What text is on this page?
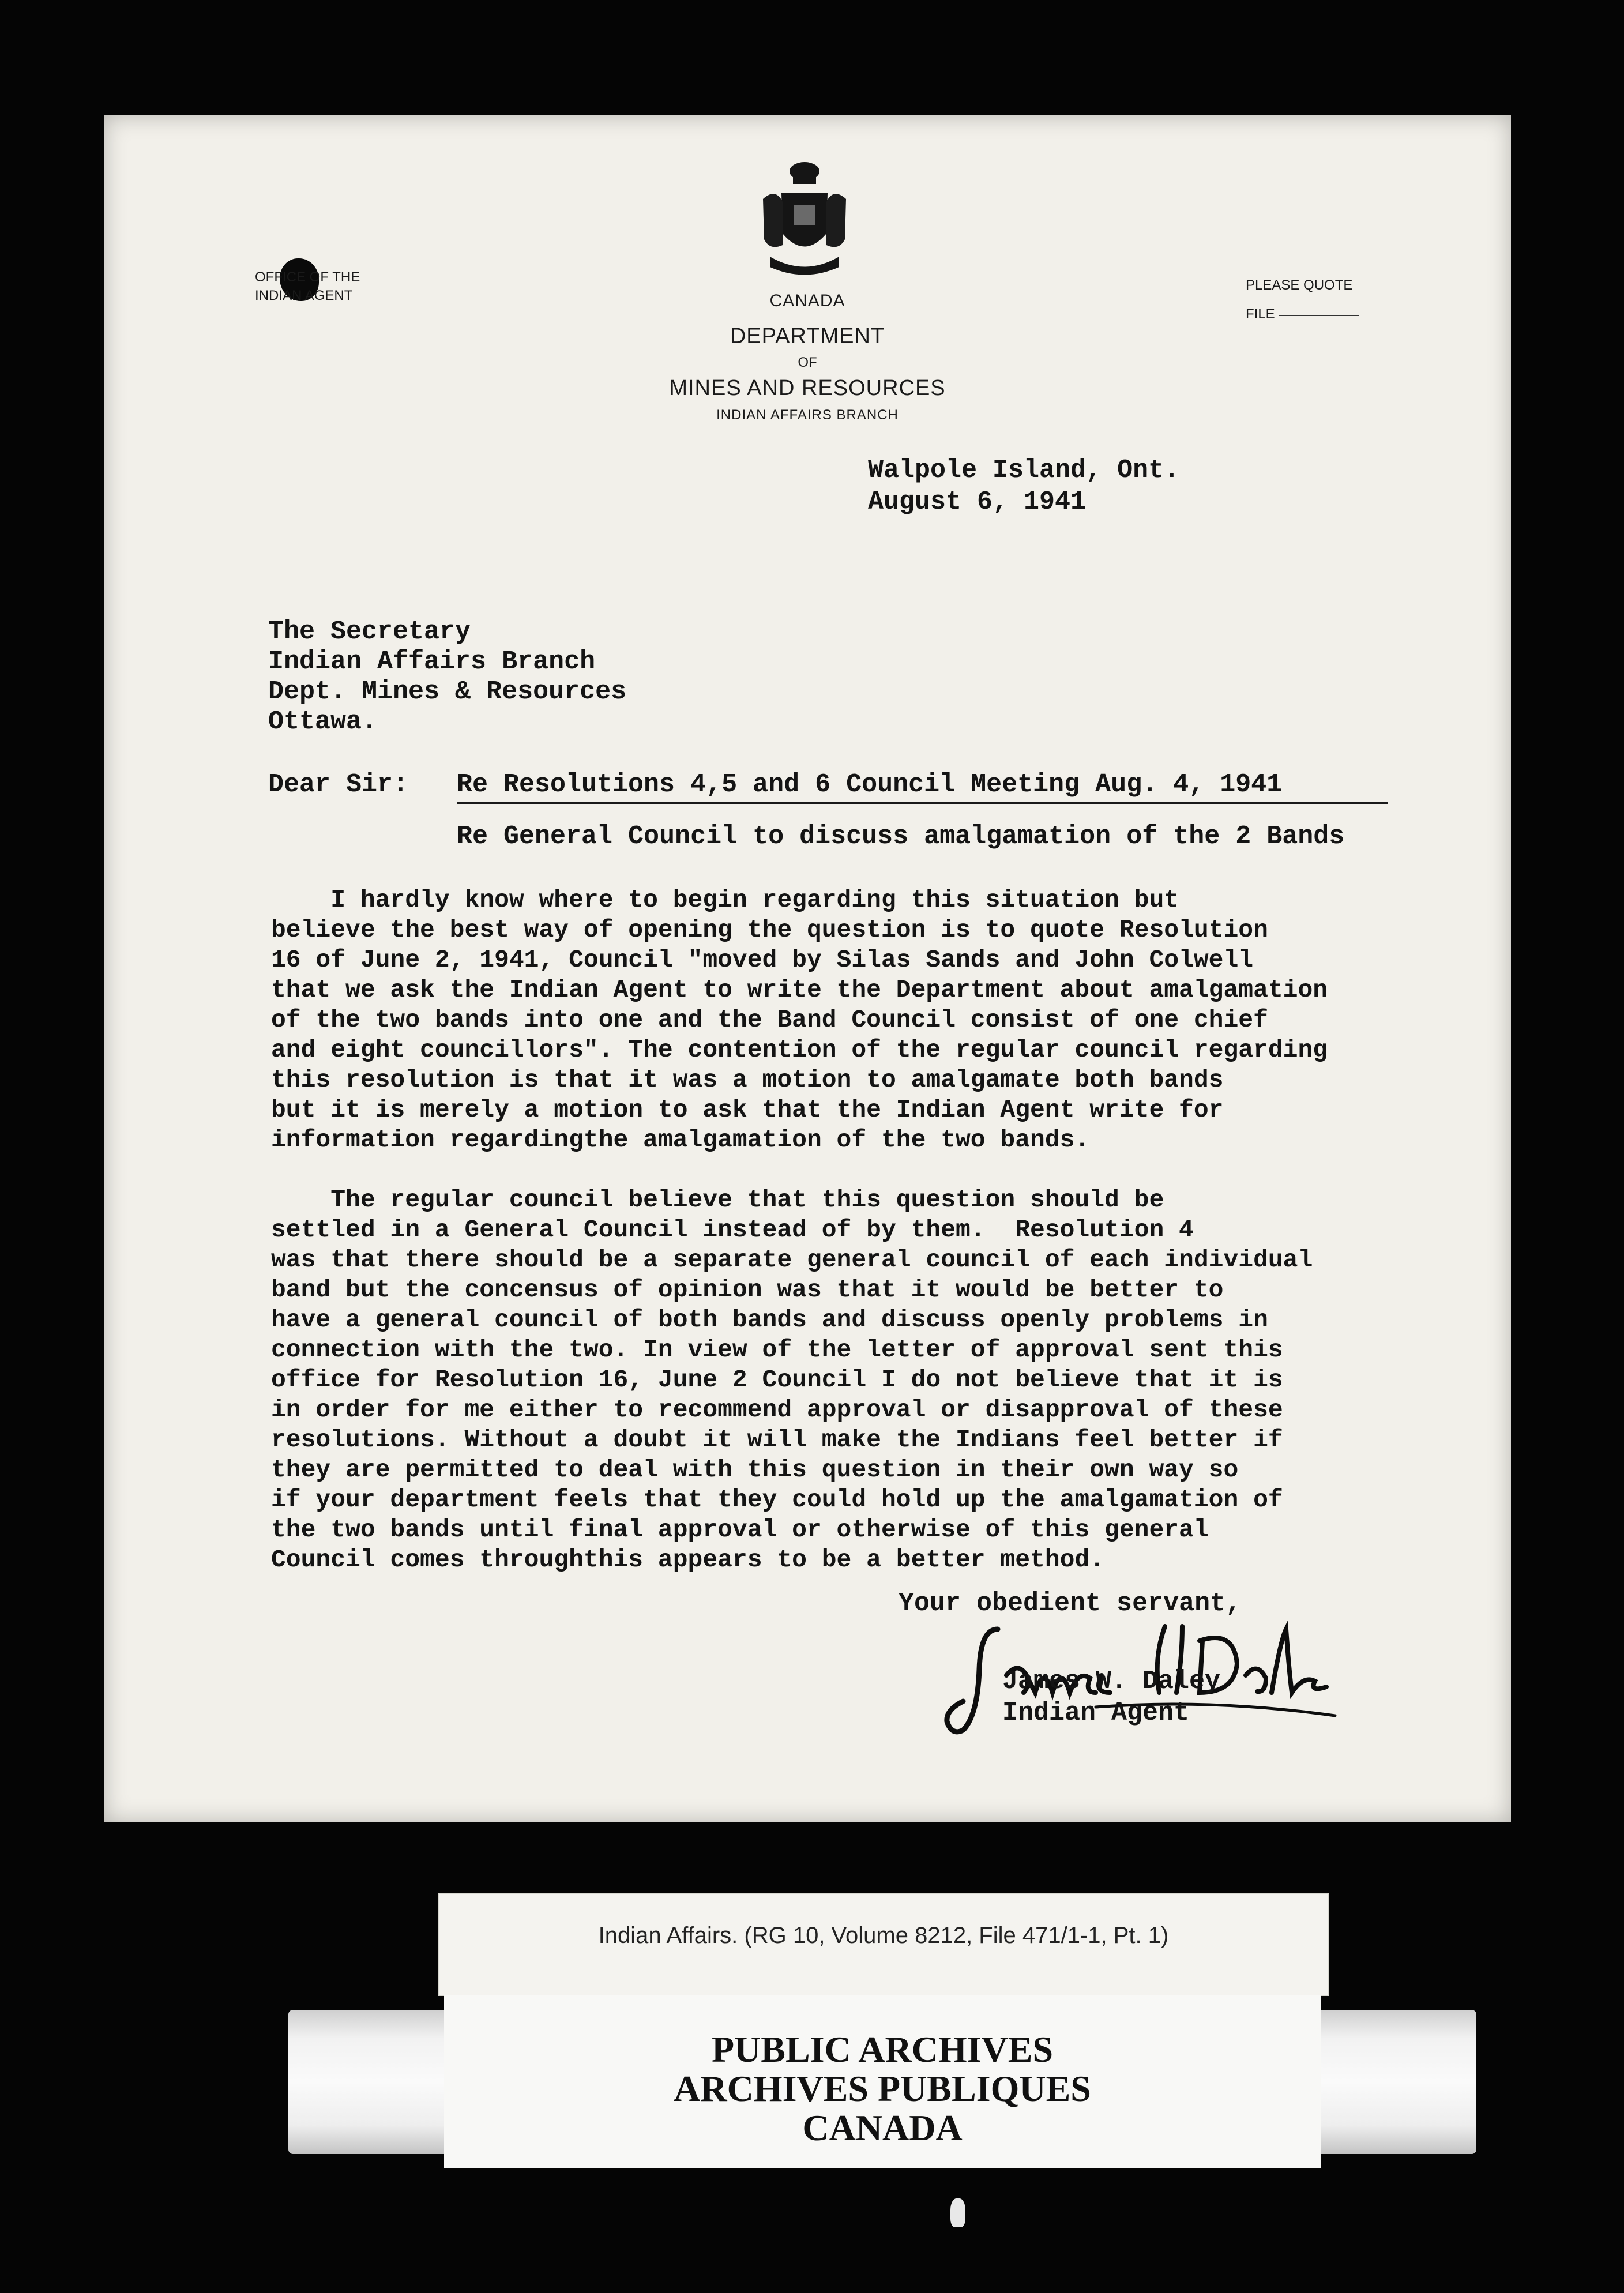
OFFICE OF THE
INDIAN AGENT	CANADA
DEPARTMENT
OF
MINES AND RESOURCES
INDIAN AFFAIRS BRANCH
PLEASE QUOTE
FILE
Walpole Island, Ont.
August 6, 1941
The Secretary
Indian Affairs Branch
Dept. Mines & Resources
Ottawa.
Dear Sir: Re Resolutions 4,5 and 6 Council Meeting Aug. 4, 1941
Re General Council to discuss amalgamation of the 2 Bands
I hardly know where to begin regarding this situation but
believe the best way of opening the question is to quote Resolution
16 of June 2, 1941, Council "moved by Silas Sands and John Colwell
that we ask the Indian Agent to write the Department about amalgamation
of the two bands into one and the Band Council consist of one chief
and eight councillors". The contention of the regular council regarding
this resolution is that it was a motion to amalgamate both bands
but it is merely a motion to ask that the Indian Agent write for
information regardingthe amalgamation of the two bands.
The regular council believe that this question should be
settled in a General Council instead of by them.  Resolution 4
was that there should be a separate general council of each individual
band but the concensus of opinion was that it would be better to
have a general council of both bands and discuss openly problems in
connection with the two. In view of the letter of approval sent this
office for Resolution 16, June 2 Council I do not believe that it is
in order for me either to recommend approval or disapproval of these
resolutions. Without a doubt it will make the Indians feel better if
they are permitted to deal with this question in their own way so
if your department feels that they could hold up the amalgamation of
the two bands until final approval or otherwise of this general
Council comes throughthis appears to be a better method.
Your obedient servant,
James W. Daley
Indian Agent
Indian Affairs. (RG 10, Volume 8212, File 471/1-1, Pt. 1)
PUBLIC ARCHIVES
ARCHIVES PUBLIQUES
CANADA
